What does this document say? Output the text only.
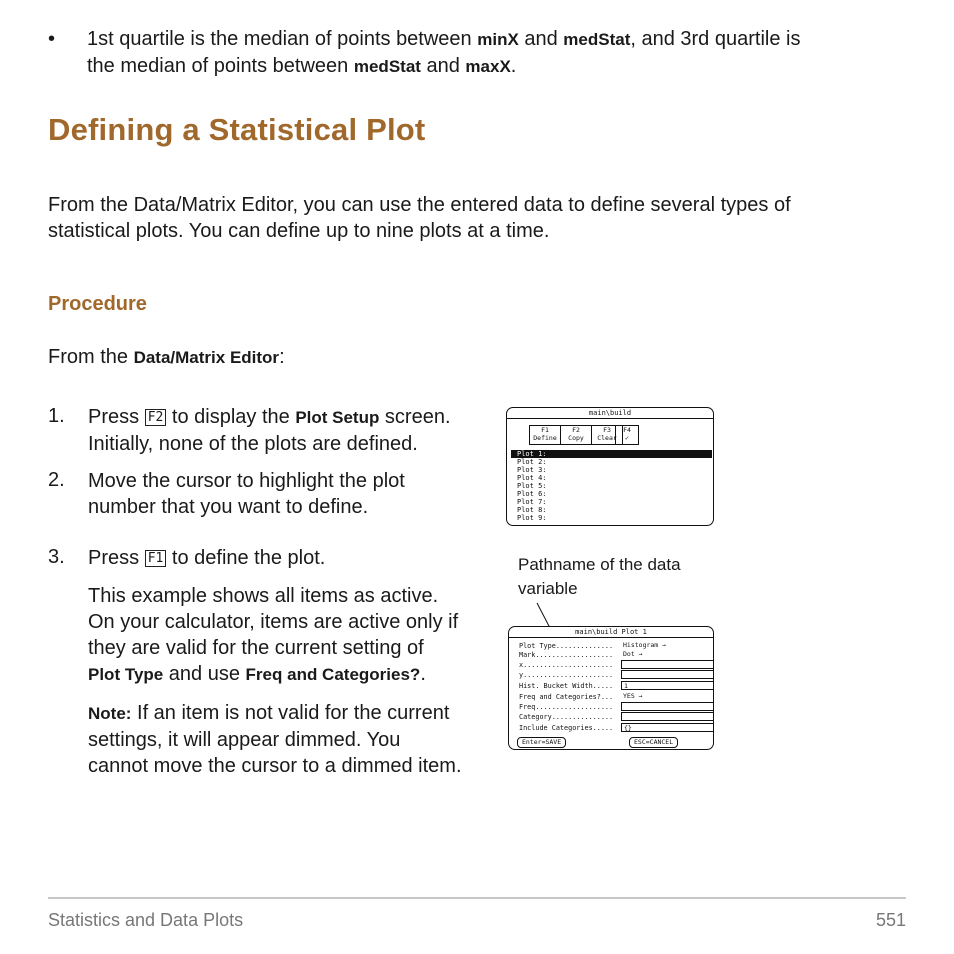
• 1st quartile is the median of points between minX and medStat, and 3rd quartile is
the median of points between medStat and maxX.
Defining a Statistical Plot
From the Data/Matrix Editor, you can use the entered data to define several types of
statistical plots. You can define up to nine plots at a time.
Procedure
From the Data/Matrix Editor:
1. Press F2 to display the Plot Setup screen.
Initially, none of the plots are defined.
2. Move the cursor to highlight the plot
number that you want to define.
3. Press F1 to define the plot.
This example shows all items as active.
On your calculator, items are active only if
they are valid for the current setting of
Plot Type and use Freq and Categories?.
Note: If an item is not valid for the current
settings, it will appear dimmed. You
cannot move the cursor to a dimmed item.
main\build
F1
Define
F2
Copy
F3
Clear
F4
✓
Plot 1:
Plot 2:
Plot 3:
Plot 4:
Plot 5:
Plot 6:
Plot 7:
Plot 8:
Plot 9:
Pathname of the data
variable
main\build Plot 1
Plot Type..............
Mark...................
x......................
y......................
Hist. Bucket Width.....
Freq and Categories?...
Freq...................
Category...............
Include Categories.....
Histogram →
Dot →
1
YES →
{}
Enter=SAVE	ESC=CANCEL
Statistics and Data Plots	551
